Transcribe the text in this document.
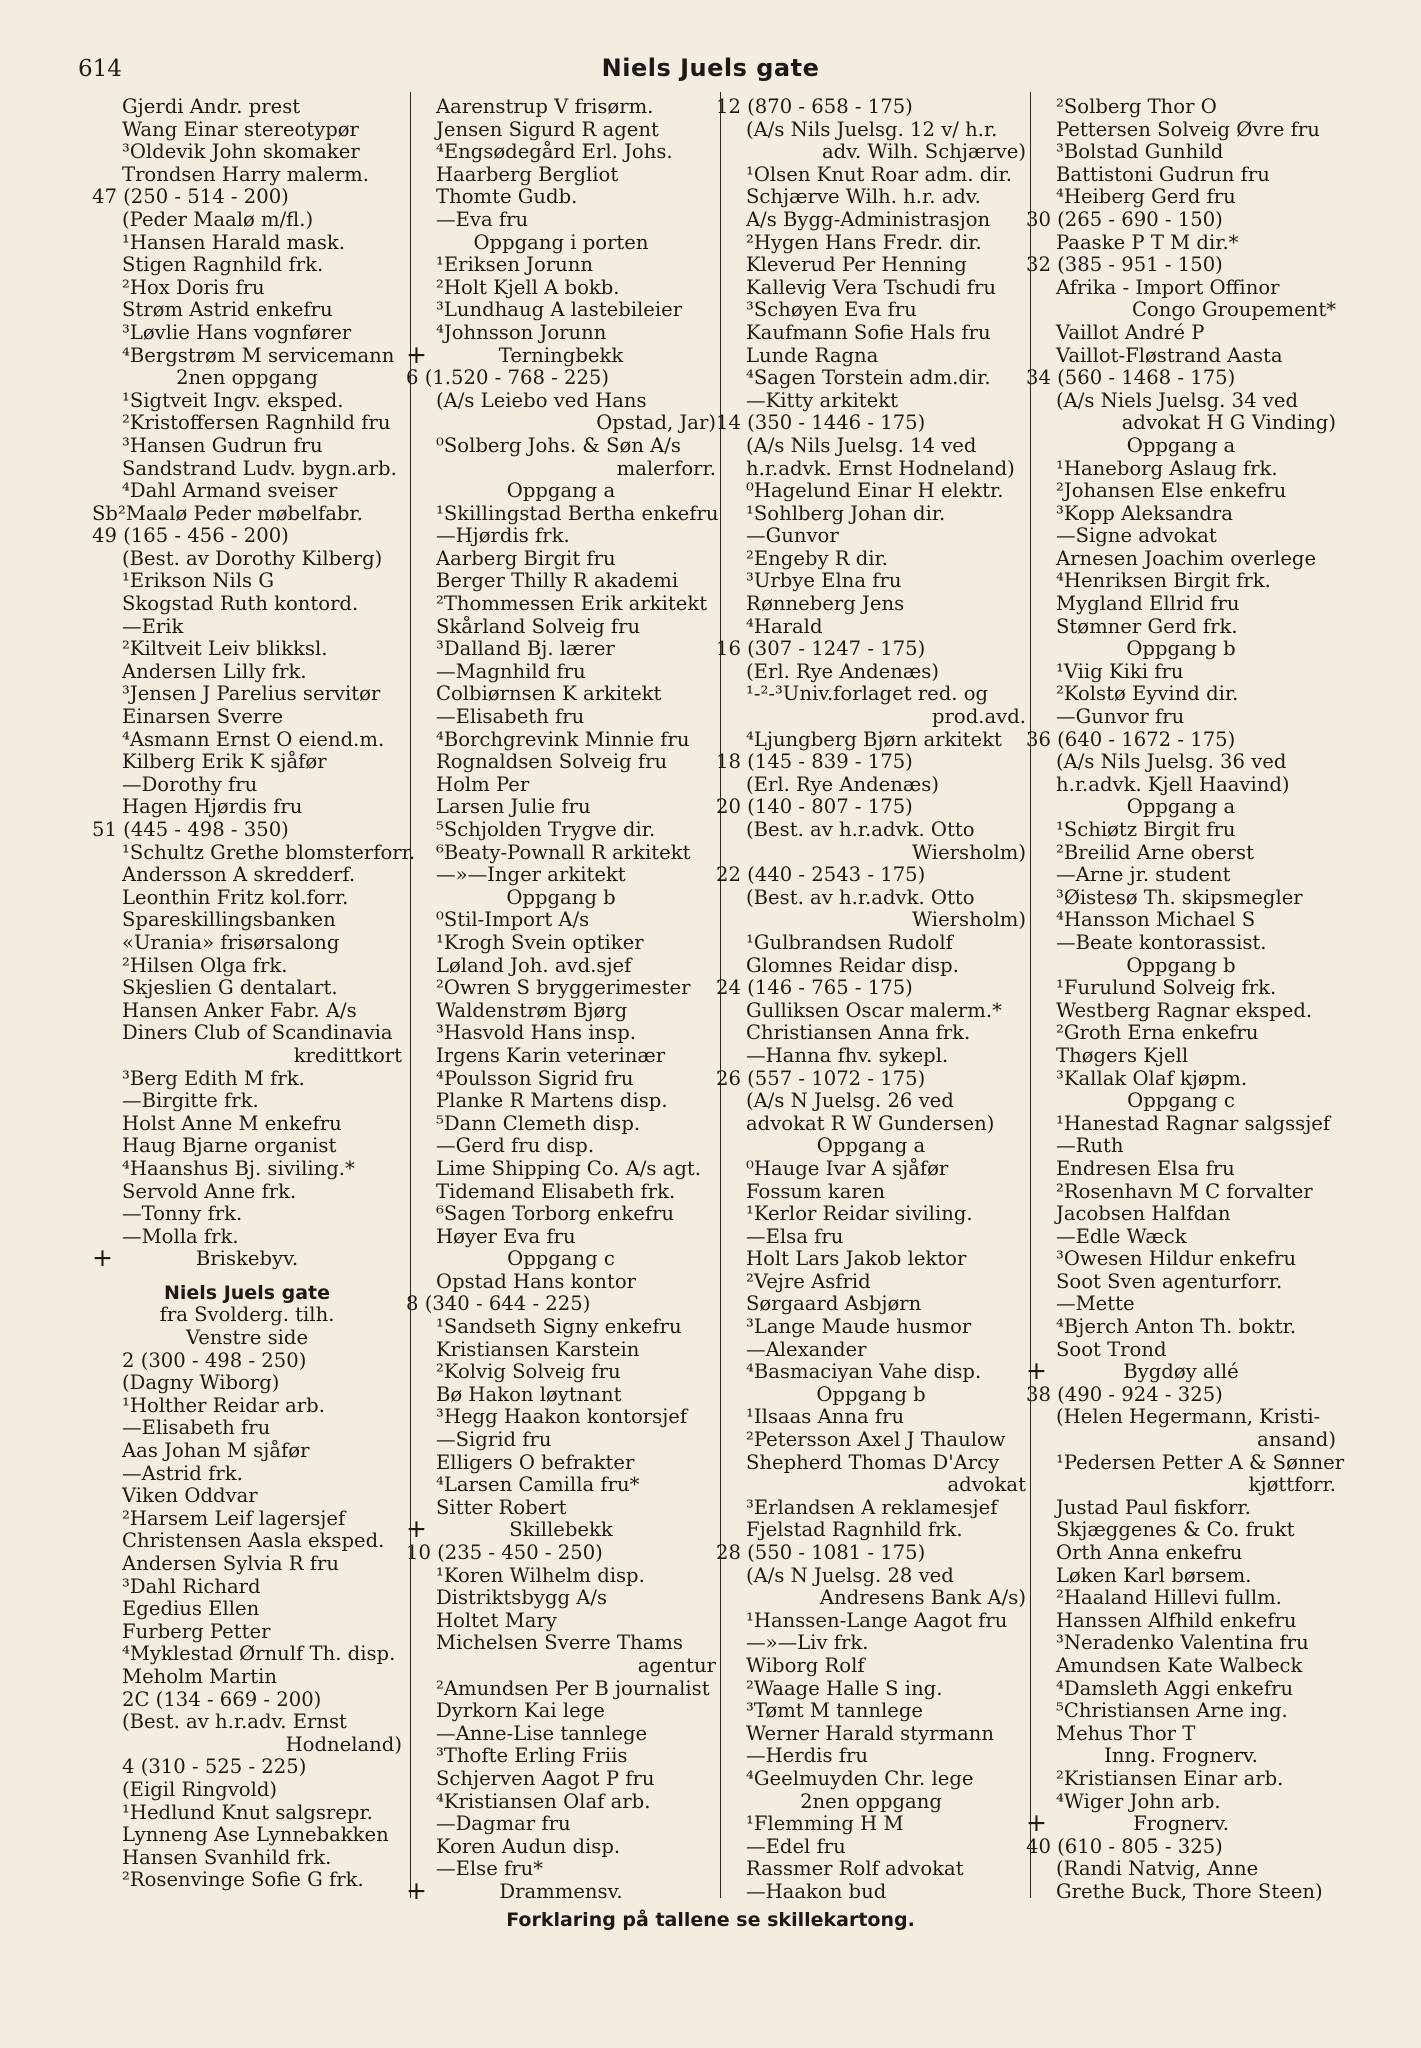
614	Niels Juels gate
Gjerdi Andr. prest
Wang Einar stereotypør
³Oldevik John skomaker
Trondsen Harry malerm.
47 (250 - 514 - 200)
(Peder Maalø m/fl.)
¹Hansen Harald mask.
Stigen Ragnhild frk.
²Hox Doris fru
Strøm Astrid enkefru
³Løvlie Hans vognfører
⁴Bergstrøm M servicemann
2nen oppgang
¹Sigtveit Ingv. eksped.
²Kristoffersen Ragnhild fru
³Hansen Gudrun fru
Sandstrand Ludv. bygn.arb.
⁴Dahl Armand sveiser
Sb²Maalø Peder møbelfabr.
49 (165 - 456 - 200)
(Best. av Dorothy Kilberg)
¹Erikson Nils G
Skogstad Ruth kontord.
—Erik
²Kiltveit Leiv blikksl.
Andersen Lilly frk.
³Jensen J Parelius servitør
Einarsen Sverre
⁴Asmann Ernst O eiend.m.
Kilberg Erik K sjåfør
—Dorothy fru
Hagen Hjørdis fru
51 (445 - 498 - 350)
¹Schultz Grethe blomsterforr.
Andersson A skredderf.
Leonthin Fritz kol.forr.
Spareskillingsbanken
«Urania» frisørsalong
²Hilsen Olga frk.
Skjeslien G dentalart.
Hansen Anker Fabr. A/s
Diners Club of Scandinavia
kredittkort
³Berg Edith M frk.
—Birgitte frk.
Holst Anne M enkefru
Haug Bjarne organist
⁴Haanshus Bj. siviling.*
Servold Anne frk.
—Tonny frk.
—Molla frk.
+	Briskebyv.
Niels Juels gate
fra Svolderg. tilh.
Venstre side
2 (300 - 498 - 250)
(Dagny Wiborg)
¹Holther Reidar arb.
—Elisabeth fru
Aas Johan M sjåfør
—Astrid frk.
Viken Oddvar
²Harsem Leif lagersjef
Christensen Aasla eksped.
Andersen Sylvia R fru
³Dahl Richard
Egedius Ellen
Furberg Petter
⁴Myklestad Ørnulf Th. disp.
Meholm Martin
2C (134 - 669 - 200)
(Best. av h.r.adv. Ernst
Hodneland)
4 (310 - 525 - 225)
(Eigil Ringvold)
¹Hedlund Knut salgsrepr.
Lynneng Ase Lynnebakken
Hansen Svanhild frk.
²Rosenvinge Sofie G frk.
Aarenstrup V frisørm.
Jensen Sigurd R agent
⁴Engsødegård Erl. Johs.
Haarberg Bergliot
Thomte Gudb.
—Eva fru
Oppgang i porten
¹Eriksen Jorunn
²Holt Kjell A bokb.
³Lundhaug A lastebileier
⁴Johnsson Jorunn
+	Terningbekk
6 (1.520 - 768 - 225)
(A/s Leiebo ved Hans
Opstad, Jar)
⁰Solberg Johs. & Søn A/s
malerforr.
Oppgang a
¹Skillingstad Bertha enkefru
—Hjørdis frk.
Aarberg Birgit fru
Berger Thilly R akademi
²Thommessen Erik arkitekt
Skårland Solveig fru
³Dalland Bj. lærer
—Magnhild fru
Colbiørnsen K arkitekt
—Elisabeth fru
⁴Borchgrevink Minnie fru
Rognaldsen Solveig fru
Holm Per
Larsen Julie fru
⁵Schjolden Trygve dir.
⁶Beaty-Pownall R arkitekt
—»—Inger arkitekt
Oppgang b
⁰Stil-Import A/s
¹Krogh Svein optiker
Løland Joh. avd.sjef
²Owren S bryggerimester
Waldenstrøm Bjørg
³Hasvold Hans insp.
Irgens Karin veterinær
⁴Poulsson Sigrid fru
Planke R Martens disp.
⁵Dann Clemeth disp.
—Gerd fru disp.
Lime Shipping Co. A/s agt.
Tidemand Elisabeth frk.
⁶Sagen Torborg enkefru
Høyer Eva fru
Oppgang c
Opstad Hans kontor
8 (340 - 644 - 225)
¹Sandseth Signy enkefru
Kristiansen Karstein
²Kolvig Solveig fru
Bø Hakon løytnant
³Hegg Haakon kontorsjef
—Sigrid fru
Elligers O befrakter
⁴Larsen Camilla fru*
Sitter Robert
+	Skillebekk
10 (235 - 450 - 250)
¹Koren Wilhelm disp.
Distriktsbygg A/s
Holtet Mary
Michelsen Sverre Thams
agentur
²Amundsen Per B journalist
Dyrkorn Kai lege
—Anne-Lise tannlege
³Thofte Erling Friis
Schjerven Aagot P fru
⁴Kristiansen Olaf arb.
—Dagmar fru
Koren Audun disp.
—Else fru*
+	Drammensv.
12 (870 - 658 - 175)
(A/s Nils Juelsg. 12 v/ h.r.
adv. Wilh. Schjærve)
¹Olsen Knut Roar adm. dir.
Schjærve Wilh. h.r. adv.
A/s Bygg-Administrasjon
²Hygen Hans Fredr. dir.
Kleverud Per Henning
Kallevig Vera Tschudi fru
³Schøyen Eva fru
Kaufmann Sofie Hals fru
Lunde Ragna
⁴Sagen Torstein adm.dir.
—Kitty arkitekt
14 (350 - 1446 - 175)
(A/s Nils Juelsg. 14 ved
h.r.advk. Ernst Hodneland)
⁰Hagelund Einar H elektr.
¹Sohlberg Johan dir.
—Gunvor
²Engeby R dir.
³Urbye Elna fru
Rønneberg Jens
⁴Harald
16 (307 - 1247 - 175)
(Erl. Rye Andenæs)
¹-²-³Univ.forlaget red. og
prod.avd.
⁴Ljungberg Bjørn arkitekt
18 (145 - 839 - 175)
(Erl. Rye Andenæs)
20 (140 - 807 - 175)
(Best. av h.r.advk. Otto
Wiersholm)
22 (440 - 2543 - 175)
(Best. av h.r.advk. Otto
Wiersholm)
¹Gulbrandsen Rudolf
Glomnes Reidar disp.
24 (146 - 765 - 175)
Gulliksen Oscar malerm.*
Christiansen Anna frk.
—Hanna fhv. sykepl.
26 (557 - 1072 - 175)
(A/s N Juelsg. 26 ved
advokat R W Gundersen)
Oppgang a
⁰Hauge Ivar A sjåfør
Fossum karen
¹Kerlor Reidar siviling.
—Elsa fru
Holt Lars Jakob lektor
²Vejre Asfrid
Sørgaard Asbjørn
³Lange Maude husmor
—Alexander
⁴Basmaciyan Vahe disp.
Oppgang b
¹Ilsaas Anna fru
²Petersson Axel J Thaulow
Shepherd Thomas D'Arcy
advokat
³Erlandsen A reklamesjef
Fjelstad Ragnhild frk.
28 (550 - 1081 - 175)
(A/s N Juelsg. 28 ved
Andresens Bank A/s)
¹Hanssen-Lange Aagot fru
—»—Liv frk.
Wiborg Rolf
²Waage Halle S ing.
³Tømt M tannlege
Werner Harald styrmann
—Herdis fru
⁴Geelmuyden Chr. lege
2nen oppgang
¹Flemming H M
—Edel fru
Rassmer Rolf advokat
—Haakon bud
²Solberg Thor O
Pettersen Solveig Øvre fru
³Bolstad Gunhild
Battistoni Gudrun fru
⁴Heiberg Gerd fru
30 (265 - 690 - 150)
Paaske P T M dir.*
32 (385 - 951 - 150)
Afrika - Import Offinor
Congo Groupement*
Vaillot André P
Vaillot-Fløstrand Aasta
34 (560 - 1468 - 175)
(A/s Niels Juelsg. 34 ved
advokat H G Vinding)
Oppgang a
¹Haneborg Aslaug frk.
²Johansen Else enkefru
³Kopp Aleksandra
—Signe advokat
Arnesen Joachim overlege
⁴Henriksen Birgit frk.
Mygland Ellrid fru
Stømner Gerd frk.
Oppgang b
¹Viig Kiki fru
²Kolstø Eyvind dir.
—Gunvor fru
36 (640 - 1672 - 175)
(A/s Nils Juelsg. 36 ved
h.r.advk. Kjell Haavind)
Oppgang a
¹Schiøtz Birgit fru
²Breilid Arne oberst
—Arne jr. student
³Øistesø Th. skipsmegler
⁴Hansson Michael S
—Beate kontorassist.
Oppgang b
¹Furulund Solveig frk.
Westberg Ragnar eksped.
²Groth Erna enkefru
Thøgers Kjell
³Kallak Olaf kjøpm.
Oppgang c
¹Hanestad Ragnar salgssjef
—Ruth
Endresen Elsa fru
²Rosenhavn M C forvalter
Jacobsen Halfdan
—Edle Wæck
³Owesen Hildur enkefru
Soot Sven agenturforr.
—Mette
⁴Bjerch Anton Th. boktr.
Soot Trond
+	Bygdøy allé
38 (490 - 924 - 325)
(Helen Hegermann, Kristi-
ansand)
¹Pedersen Petter A & Sønner
kjøttforr.
Justad Paul fiskforr.
Skjæggenes & Co. frukt
Orth Anna enkefru
Løken Karl børsem.
²Haaland Hillevi fullm.
Hanssen Alfhild enkefru
³Neradenko Valentina fru
Amundsen Kate Walbeck
⁴Damsleth Aggi enkefru
⁵Christiansen Arne ing.
Mehus Thor T
Inng. Frognerv.
²Kristiansen Einar arb.
⁴Wiger John arb.
+	Frognerv.
40 (610 - 805 - 325)
(Randi Natvig, Anne
Grethe Buck, Thore Steen)
Forklaring på tallene se skillekartong.
